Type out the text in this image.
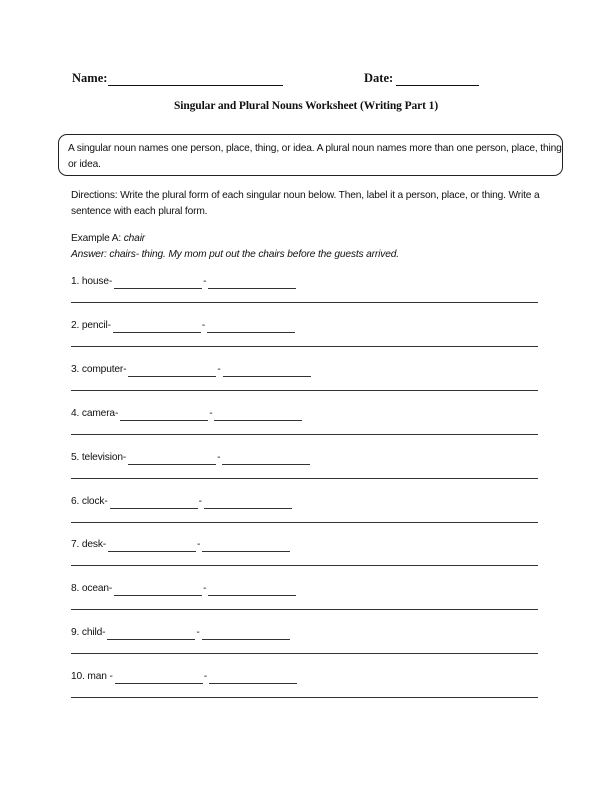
Name:	Date:
Singular and Plural Nouns Worksheet (Writing Part 1)
A singular noun names one person, place, thing, or idea. A plural noun names more than one person, place, thing or idea.
Directions: Write the plural form of each singular noun below. Then, label it a person, place, or thing. Write a sentence with each plural form.
Example A: chair
Answer: chairs- thing. My mom put out the chairs before the guests arrived.
1. house-	-
2. pencil-	-
3. computer-	-
4. camera-	-
5. television-	-
6. clock-	-
7. desk-	-
8. ocean-	-
9. child-	-
10. man -	-
